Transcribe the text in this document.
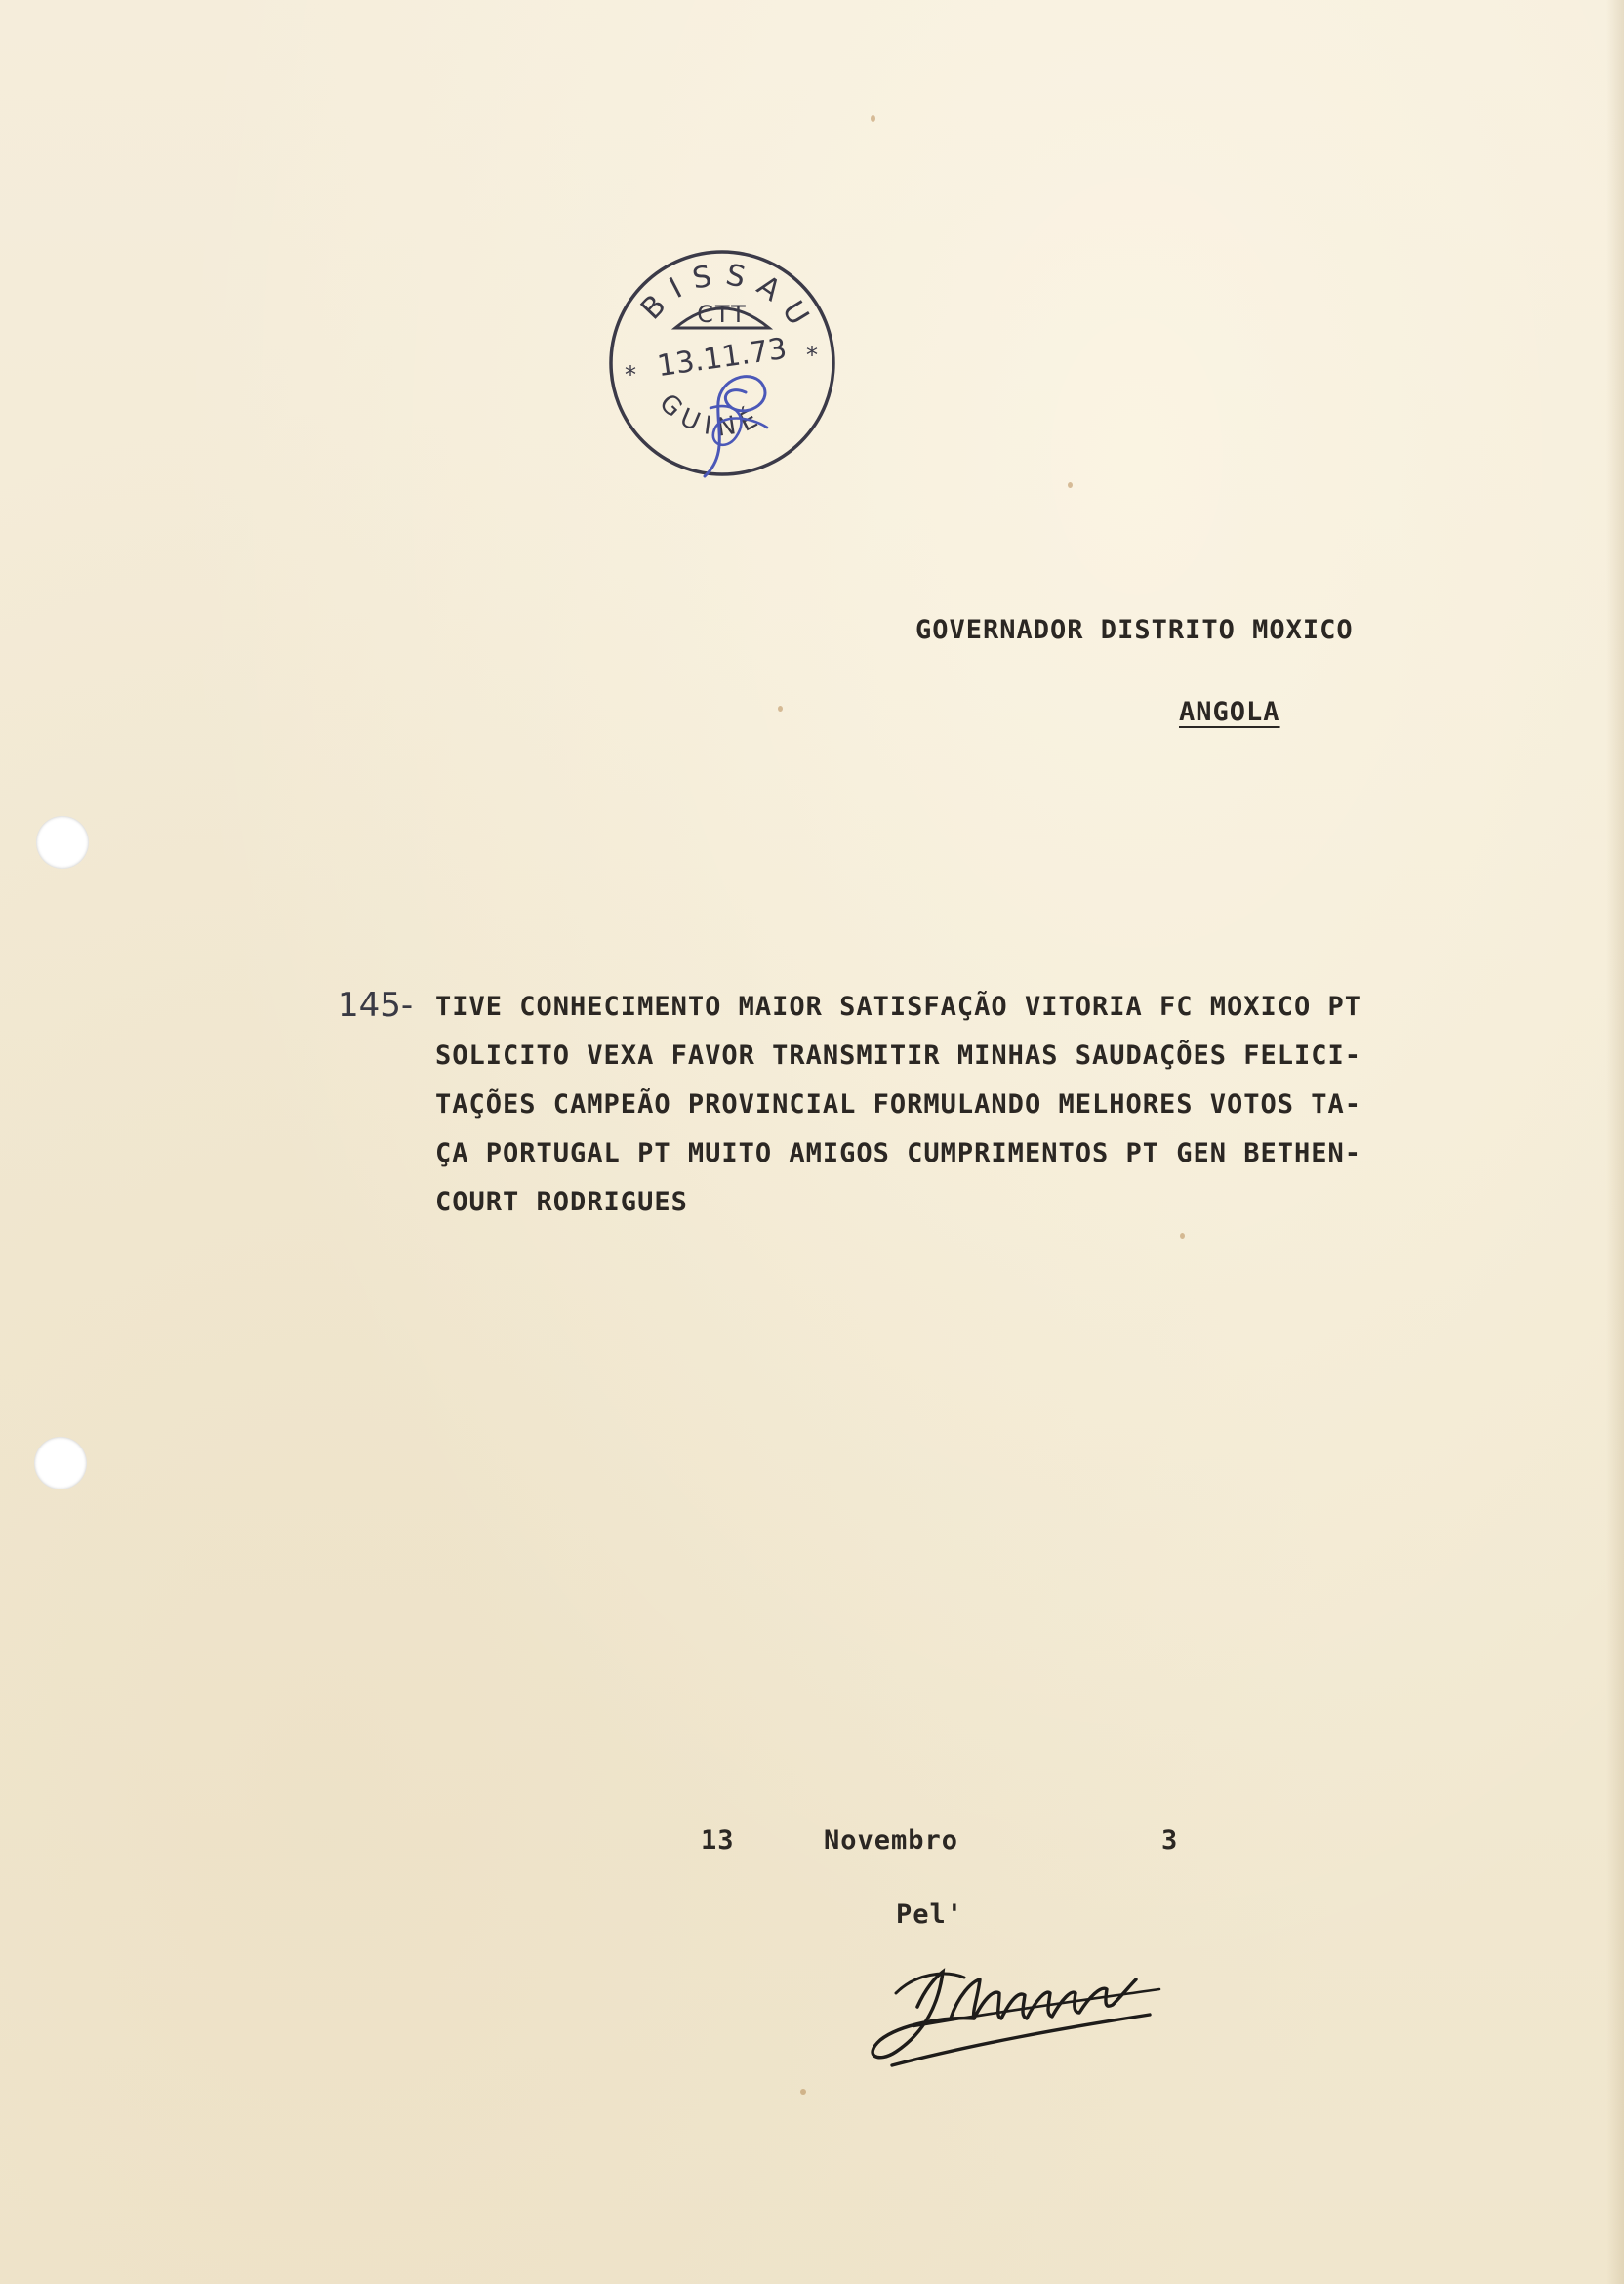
BISSAU
GUINÉ
CTT
13.11.73
*
*
GOVERNADOR DISTRITO MOXICO
ANGOLA
145- TIVE CONHECIMENTO MAIOR SATISFAÇÃO VITORIA FC MOXICO PT
SOLICITO VEXA FAVOR TRANSMITIR MINHAS SAUDAÇÕES FELICI-
TAÇÕES CAMPEÃO PROVINCIAL FORMULANDO MELHORES VOTOS TA-
ÇA PORTUGAL PT MUITO AMIGOS CUMPRIMENTOS PT GEN BETHEN-
COURT RODRIGUES
13	Novembro	3
Pel'
